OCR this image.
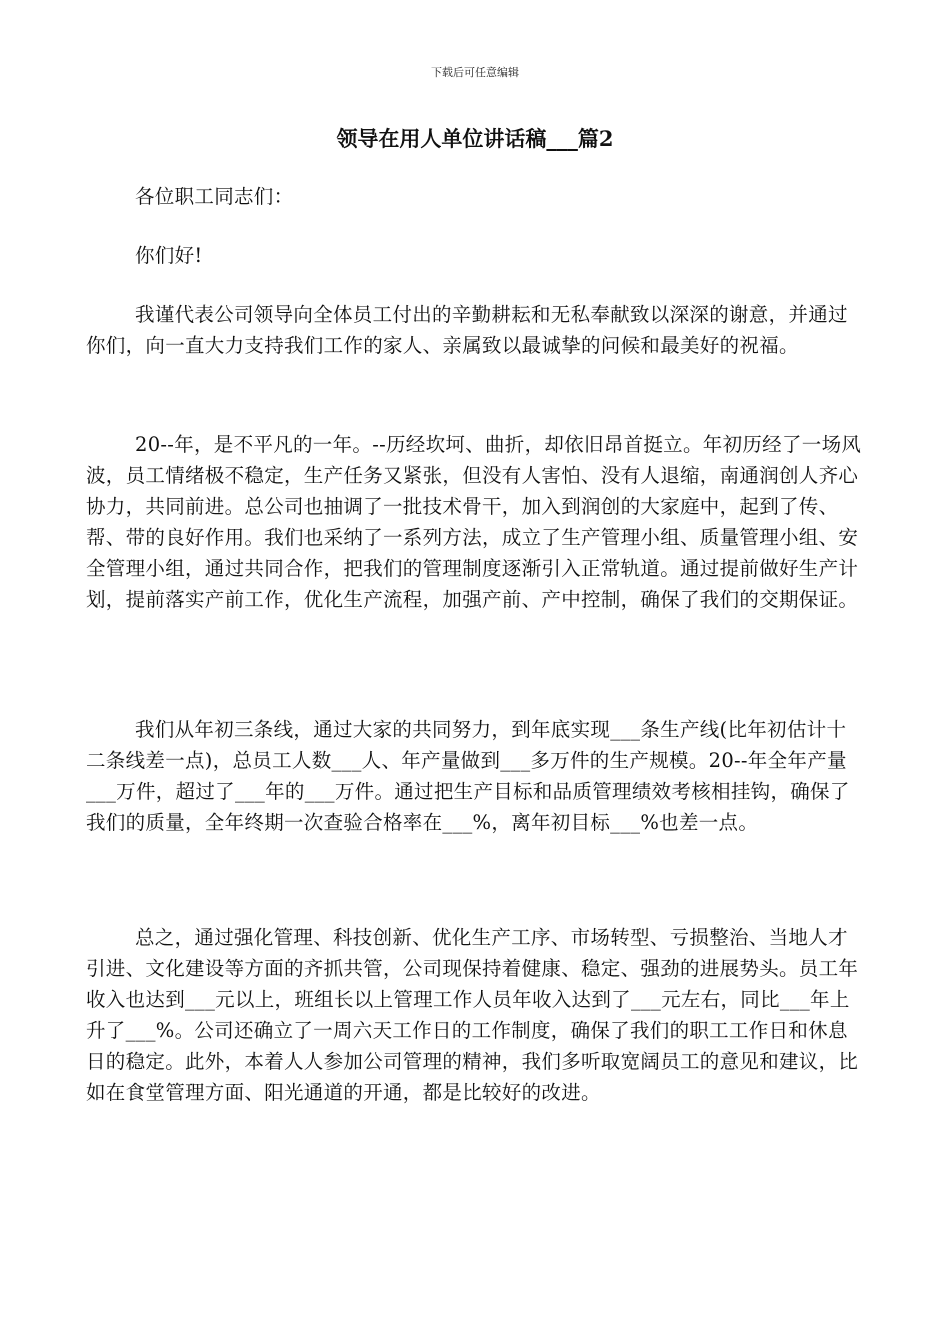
下载后可任意编辑
领导在用人单位讲话稿___篇2

各位职工同志们：

你们好!

我谨代表公司领导向全体员工付出的辛勤耕耘和无私奉献致以深深的谢意，并通过你们，向一直大力支持我们工作的家人、亲属致以最诚挚的问候和最美好的祝福。

20--年，是不平凡的一年。--历经坎坷、曲折，却依旧昂首挺立。年初历经了一场风波，员工情绪极不稳定，生产任务又紧张，但没有人害怕、没有人退缩，南通润创人齐心协力，共同前进。总公司也抽调了一批技术骨干，加入到润创的大家庭中，起到了传、帮、带的良好作用。我们也采纳了一系列方法，成立了生产管理小组、质量管理小组、安全管理小组，通过共同合作，把我们的管理制度逐渐引入正常轨道。通过提前做好生产计划，提前落实产前工作，优化生产流程，加强产前、产中控制，确保了我们的交期保证。

我们从年初三条线，通过大家的共同努力，到年底实现___条生产线(比年初估计十二条线差一点)，总员工人数___人、年产量做到___多万件的生产规模。20--年全年产量___万件，超过了___年的___万件。通过把生产目标和品质管理绩效考核相挂钩，确保了我们的质量，全年终期一次查验合格率在___%，离年初目标___%也差一点。

总之，通过强化管理、科技创新、优化生产工序、市场转型、亏损整治、当地人才引进、文化建设等方面的齐抓共管，公司现保持着健康、稳定、强劲的进展势头。员工年收入也达到___元以上，班组长以上管理工作人员年收入达到了___元左右，同比___年上升了___%。公司还确立了一周六天工作日的工作制度，确保了我们的职工工作日和休息日的稳定。此外，本着人人参加公司管理的精神，我们多听取宽阔员工的意见和建议，比如在食堂管理方面、阳光通道的开通，都是比较好的改进。
